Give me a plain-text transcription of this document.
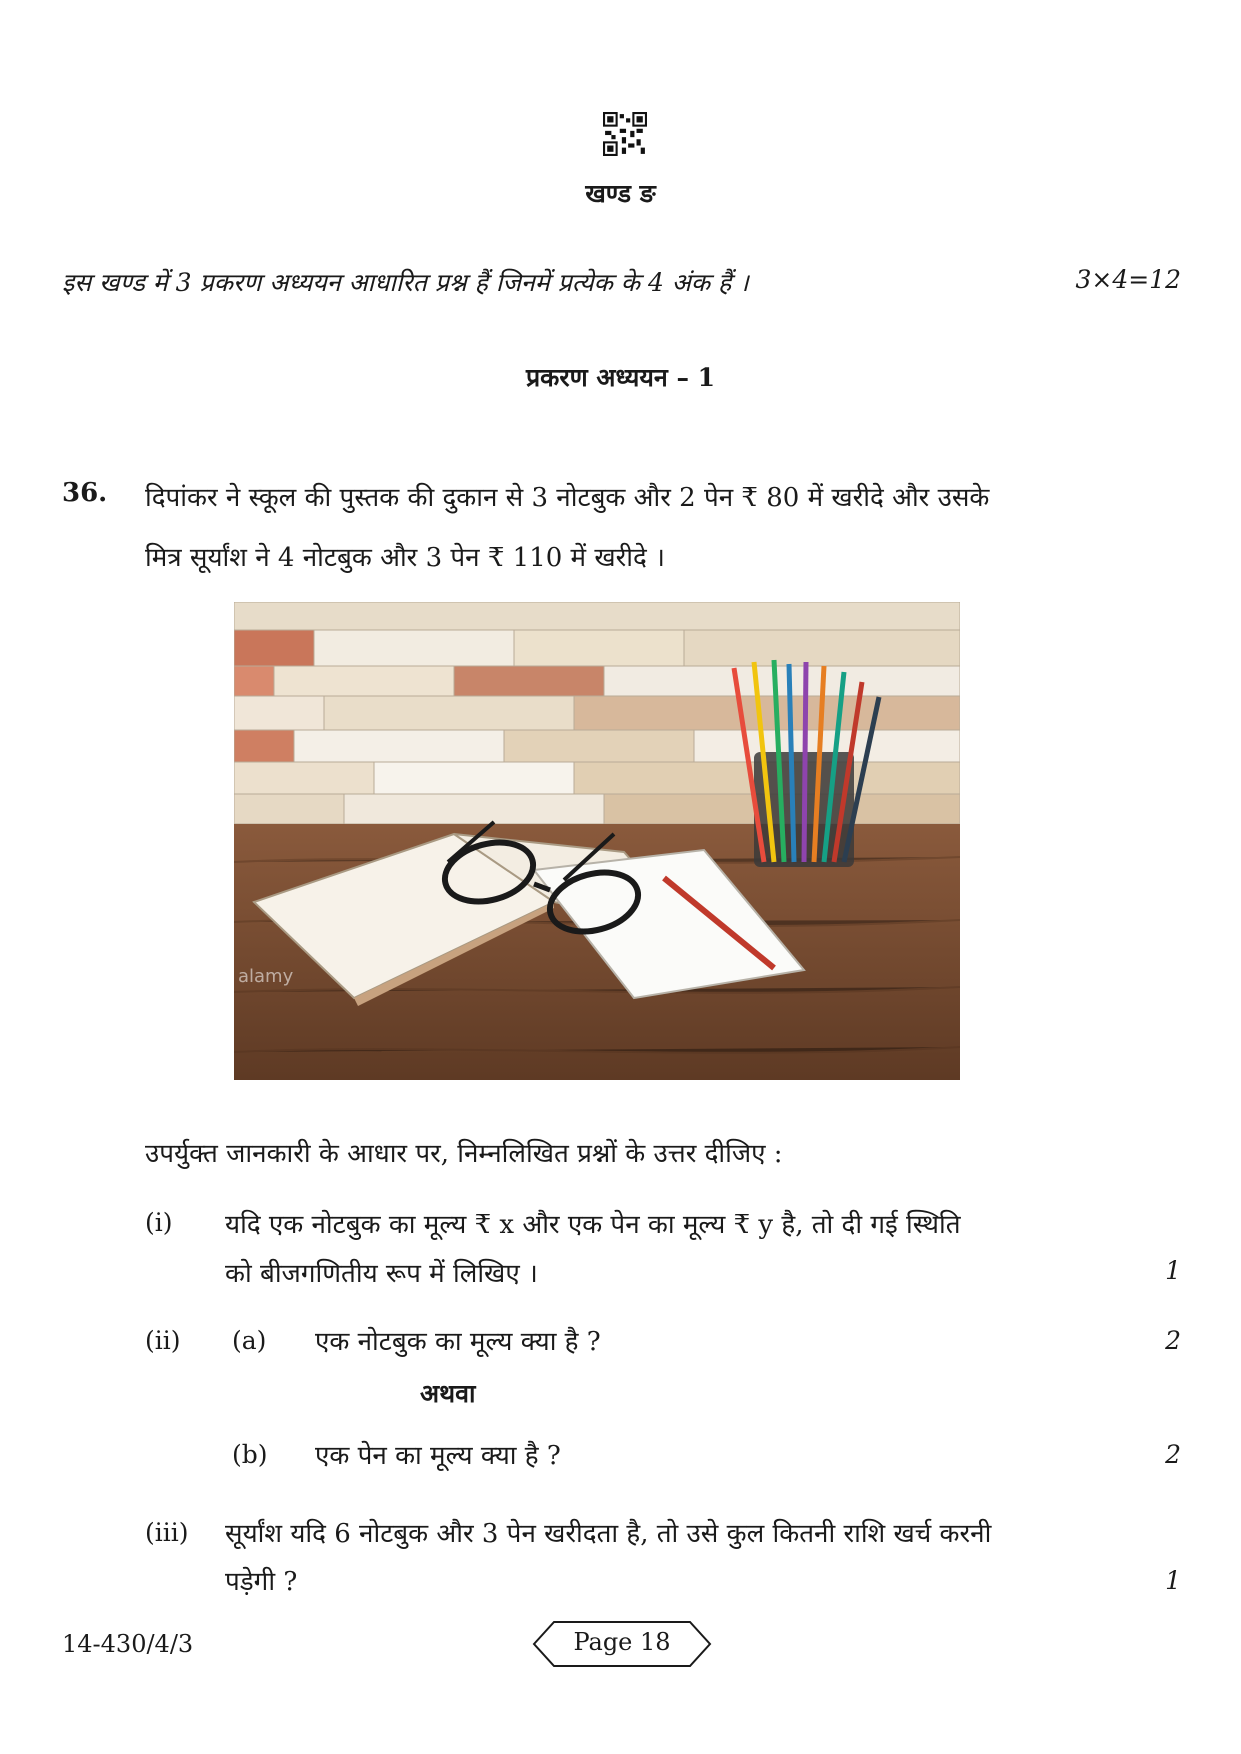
खण्ड ङ
इस खण्ड में 3 प्रकरण अध्ययन आधारित प्रश्न हैं जिनमें प्रत्येक के 4 अंक हैं ।	3×4=12
प्रकरण अध्ययन – 1
36. दिपांकर ने स्कूल की पुस्तक की दुकान से 3 नोटबुक और 2 पेन ₹ 80 में खरीदे और उसके
मित्र सूर्यांश ने 4 नोटबुक और 3 पेन ₹ 110 में खरीदे ।
alamy
उपर्युक्त जानकारी के आधार पर, निम्नलिखित प्रश्नों के उत्तर दीजिए :
(i) यदि एक नोटबुक का मूल्य ₹ x और एक पेन का मूल्य ₹ y है, तो दी गई स्थिति
को बीजगणितीय रूप में लिखिए ।	1
(ii) (a) एक नोटबुक का मूल्य क्या है ?	2
अथवा
(b) एक पेन का मूल्य क्या है ?	2
(iii) सूर्यांश यदि 6 नोटबुक और 3 पेन खरीदता है, तो उसे कुल कितनी राशि खर्च करनी
पड़ेगी ?	1
14-430/4/3	Page 18
